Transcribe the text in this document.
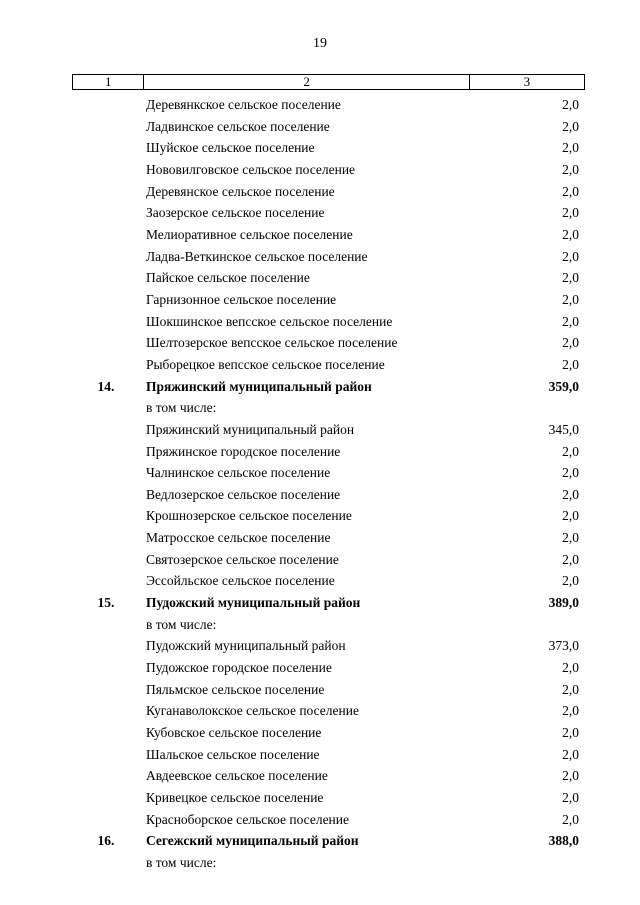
19
1	2	3
	Деревянкское сельское поселение	2,0
	Ладвинское сельское поселение	2,0
	Шуйское сельское поселение	2,0
	Нововилговское сельское поселение	2,0
	Деревянское сельское поселение	2,0
	Заозерское сельское поселение	2,0
	Мелиоративное сельское поселение	2,0
	Ладва-Веткинское сельское поселение	2,0
	Пайское сельское поселение	2,0
	Гарнизонное сельское поселение	2,0
	Шокшинское вепсское сельское поселение	2,0
	Шелтозерское вепсское сельское поселение	2,0
	Рыборецкое вепсское сельское поселение	2,0
14.	Пряжинский муниципальный район	359,0
	в том числе:	
	Пряжинский муниципальный район	345,0
	Пряжинское городское поселение	2,0
	Чалнинское сельское поселение	2,0
	Ведлозерское сельское поселение	2,0
	Крошнозерское сельское поселение	2,0
	Матросское сельское поселение	2,0
	Святозерское сельское поселение	2,0
	Эссойльское сельское поселение	2,0
15.	Пудожский муниципальный район	389,0
	в том числе:	
	Пудожский муниципальный район	373,0
	Пудожское городское поселение	2,0
	Пяльмское сельское поселение	2,0
	Куганаволокское сельское поселение	2,0
	Кубовское сельское поселение	2,0
	Шальское сельское поселение	2,0
	Авдеевское сельское поселение	2,0
	Кривецкое сельское поселение	2,0
	Красноборское сельское поселение	2,0
16.	Сегежский муниципальный район	388,0
	в том числе:	
